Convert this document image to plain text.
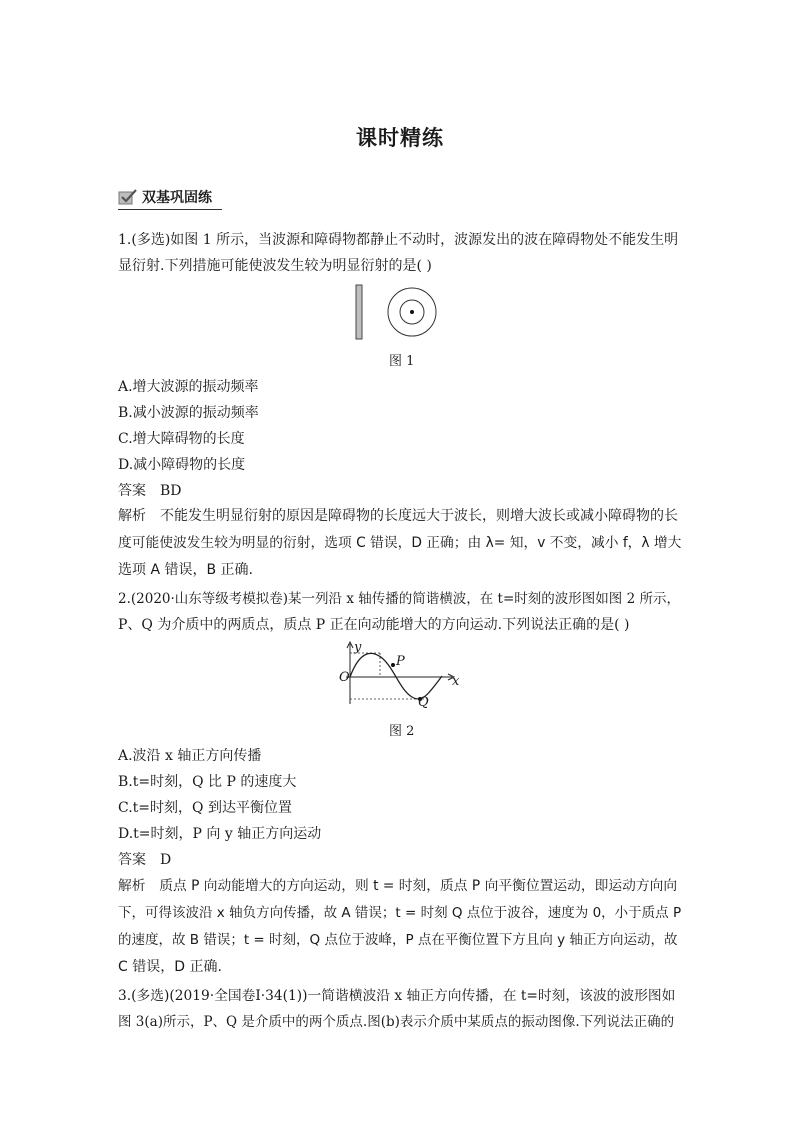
课时精练
双基巩固练
1.(多选)如图 1 所示，当波源和障碍物都静止不动时，波源发出的波在障碍物处不能发生明
显衍射.下列措施可能使波发生较为明显衍射的是( )
图 1
A.增大波源的振动频率
B.减小波源的振动频率
C.增大障碍物的长度
D.减小障碍物的长度
答案　BD
解析　不能发生明显衍射的原因是障碍物的长度远大于波长，则增大波长或减小障碍物的长
度可能使波发生较为明显的衍射，选项 C 错误，D 正确；由 λ= 知，v 不变，减小 f，λ 增大
选项 A 错误，B 正确.
2.(2020·山东等级考模拟卷)某一列沿 x 轴传播的简谐横波，在 t=时刻的波形图如图 2 所示，
P、Q 为介质中的两质点，质点 P 正在向动能增大的方向运动.下列说法正确的是( )
y
x
O
P
Q
图 2
A.波沿 x 轴正方向传播
B.t=时刻，Q 比 P 的速度大
C.t=时刻，Q 到达平衡位置
D.t=时刻，P 向 y 轴正方向运动
答案　D
解析　质点 P 向动能增大的方向运动，则 t = 时刻，质点 P 向平衡位置运动，即运动方向向
下，可得该波沿 x 轴负方向传播，故 A 错误；t = 时刻 Q 点位于波谷，速度为 0，小于质点 P
的速度，故 B 错误；t = 时刻，Q 点位于波峰，P 点在平衡位置下方且向 y 轴正方向运动，故
C 错误，D 正确.
3.(多选)(2019·全国卷Ⅰ·34(1))一简谐横波沿 x 轴正方向传播，在 t=时刻，该波的波形图如
图 3(a)所示，P、Q 是介质中的两个质点.图(b)表示介质中某质点的振动图像.下列说法正确的
